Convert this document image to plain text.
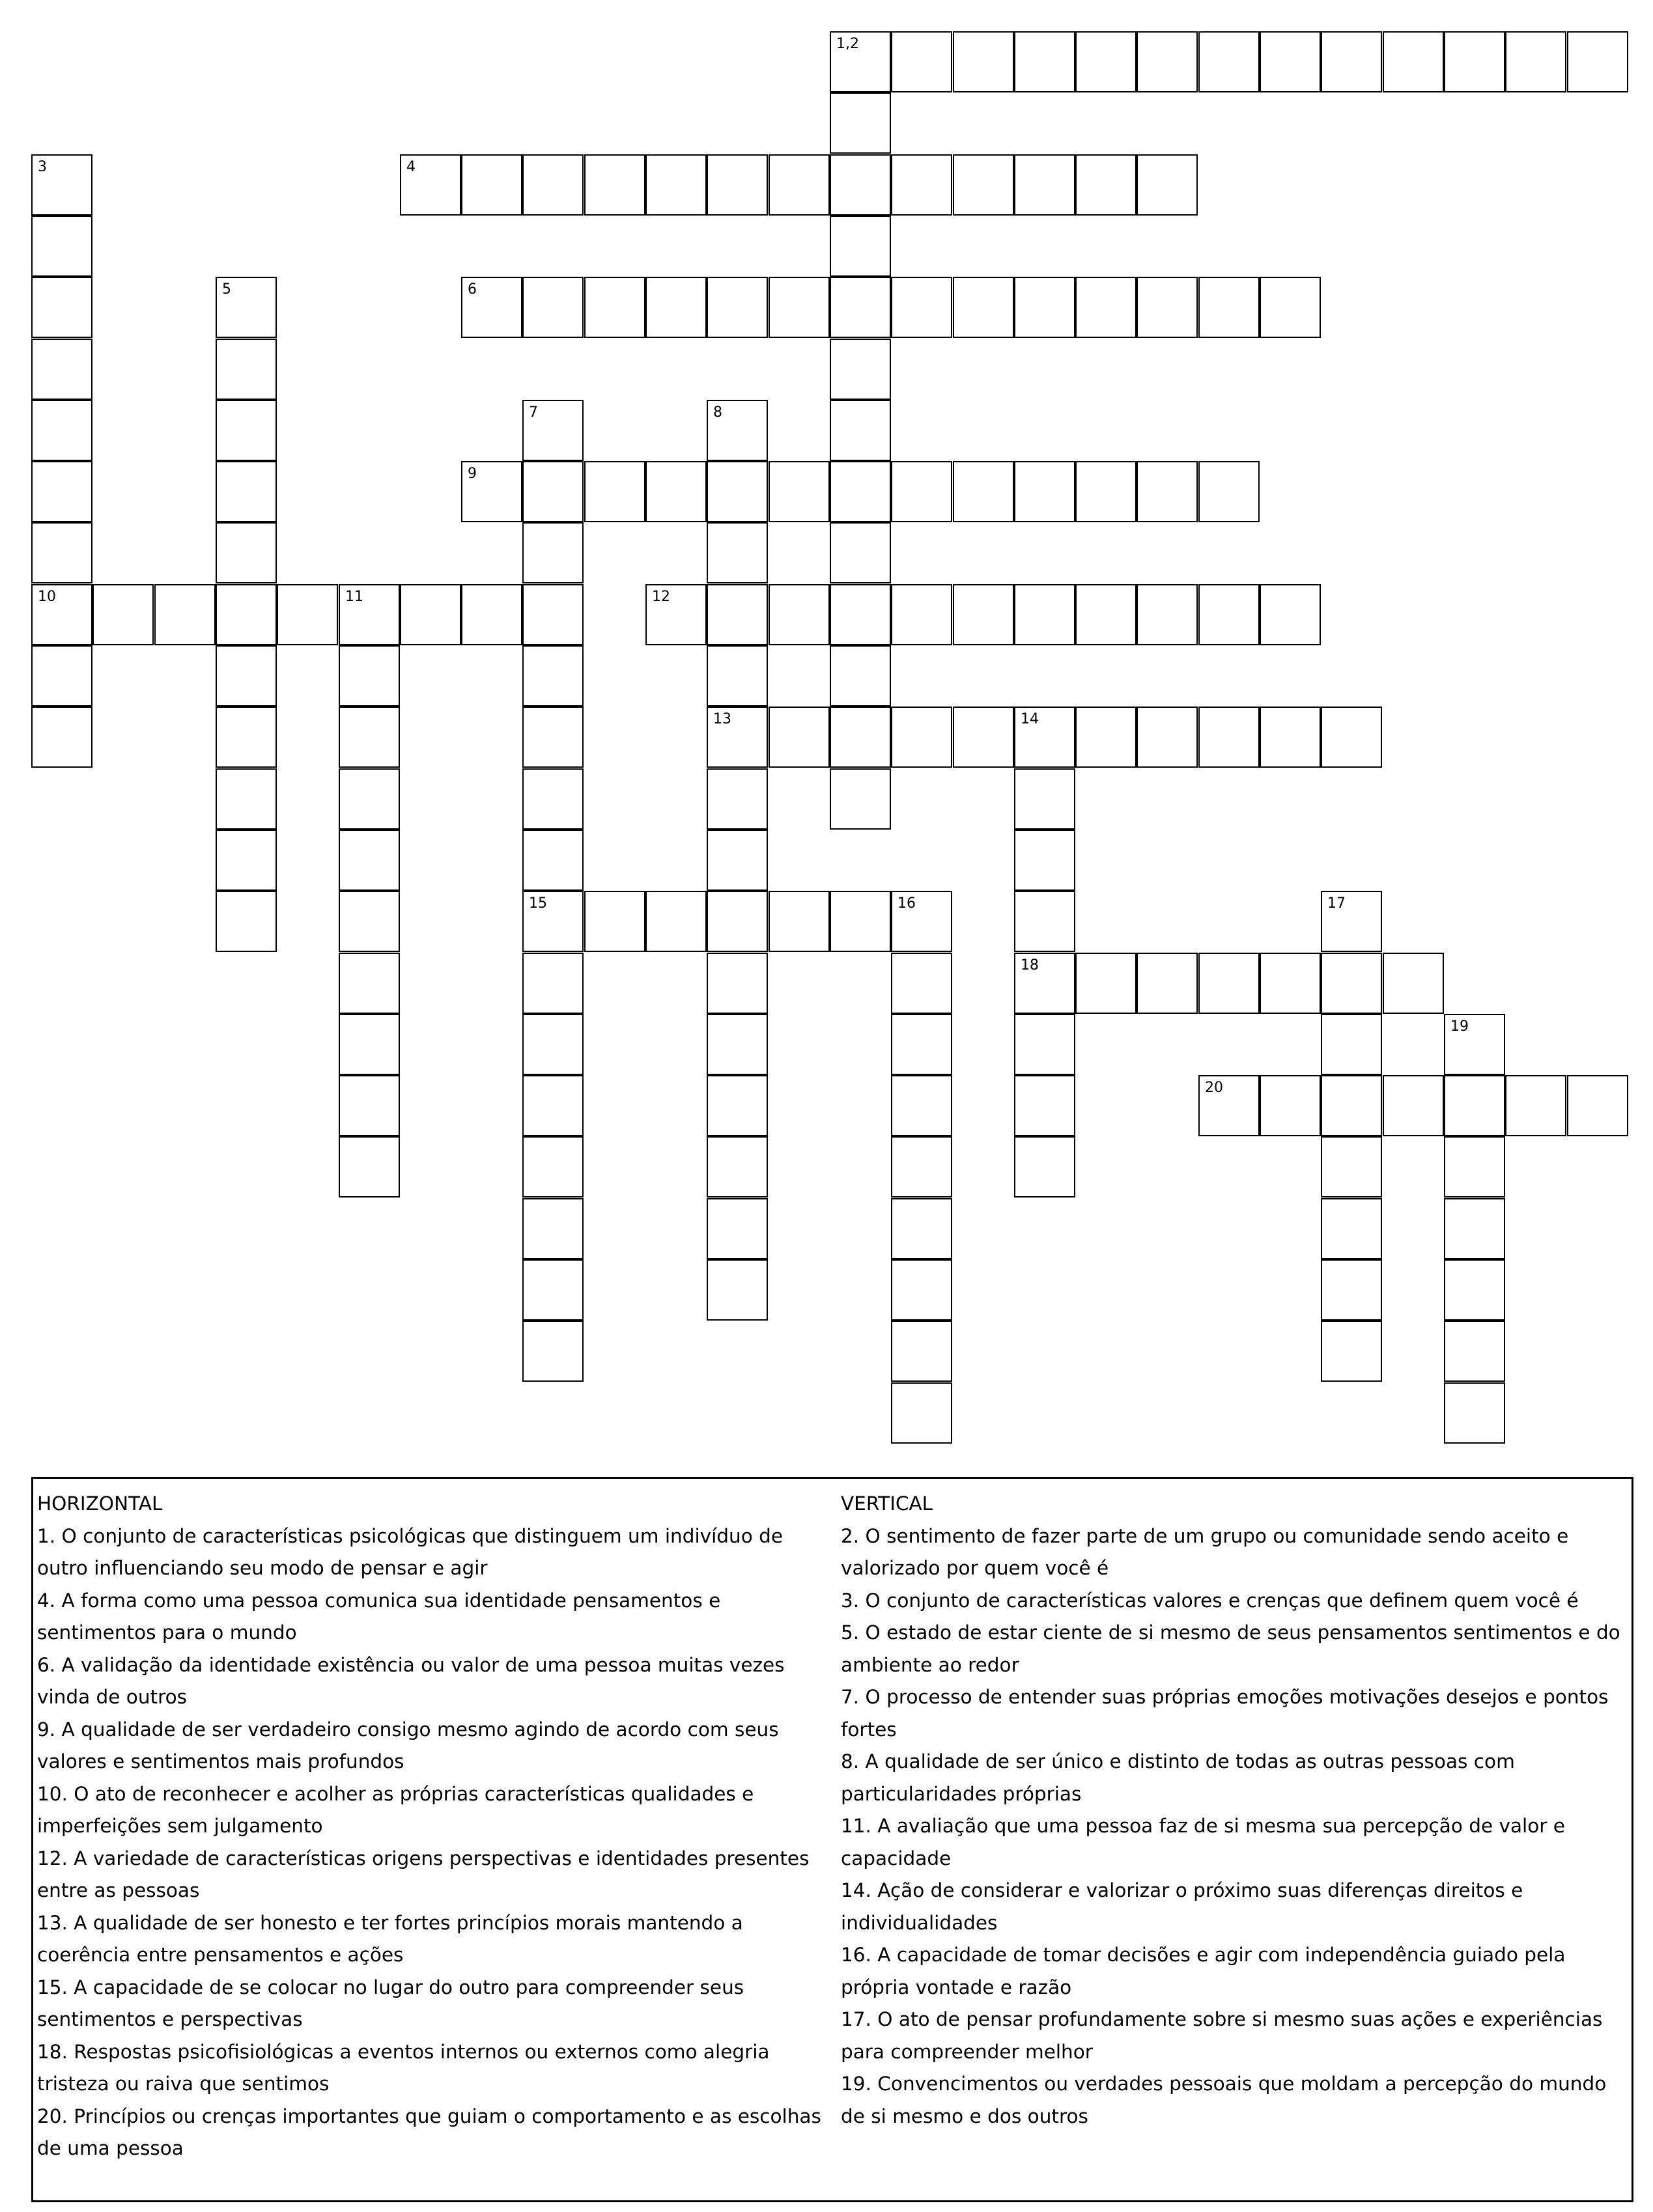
1,2
3
10
4
5	6
7
15
8
13
9
11	12
14
18
16	17
19
20
HORIZONTAL
1. O conjunto de características psicológicas que distinguem um indivíduo de outro influenciando seu modo de pensar e agir
4. A forma como uma pessoa comunica sua identidade pensamentos e sentimentos para o mundo
6. A validação da identidade existência ou valor de uma pessoa muitas vezes vinda de outros
9. A qualidade de ser verdadeiro consigo mesmo agindo de acordo com seus valores e sentimentos mais profundos
10. O ato de reconhecer e acolher as próprias características qualidades e imperfeições sem julgamento
12. A variedade de características origens perspectivas e identidades presentes entre as pessoas
13. A qualidade de ser honesto e ter fortes princípios morais mantendo a coerência entre pensamentos e ações
15. A capacidade de se colocar no lugar do outro para compreender seus sentimentos e perspectivas
18. Respostas psicofisiológicas a eventos internos ou externos como alegria tristeza ou raiva que sentimos
20. Princípios ou crenças importantes que guiam o comportamento e as escolhas de uma pessoa
VERTICAL
2. O sentimento de fazer parte de um grupo ou comunidade sendo aceito e valorizado por quem você é
3. O conjunto de características valores e crenças que definem quem você é
5. O estado de estar ciente de si mesmo de seus pensamentos sentimentos e do ambiente ao redor
7. O processo de entender suas próprias emoções motivações desejos e pontos fortes
8. A qualidade de ser único e distinto de todas as outras pessoas com particularidades próprias
11. A avaliação que uma pessoa faz de si mesma sua percepção de valor e capacidade
14. Ação de considerar e valorizar o próximo suas diferenças direitos e individualidades
16. A capacidade de tomar decisões e agir com independência guiado pela própria vontade e razão
17. O ato de pensar profundamente sobre si mesmo suas ações e experiências para compreender melhor
19. Convencimentos ou verdades pessoais que moldam a percepção do mundo de si mesmo e dos outros
